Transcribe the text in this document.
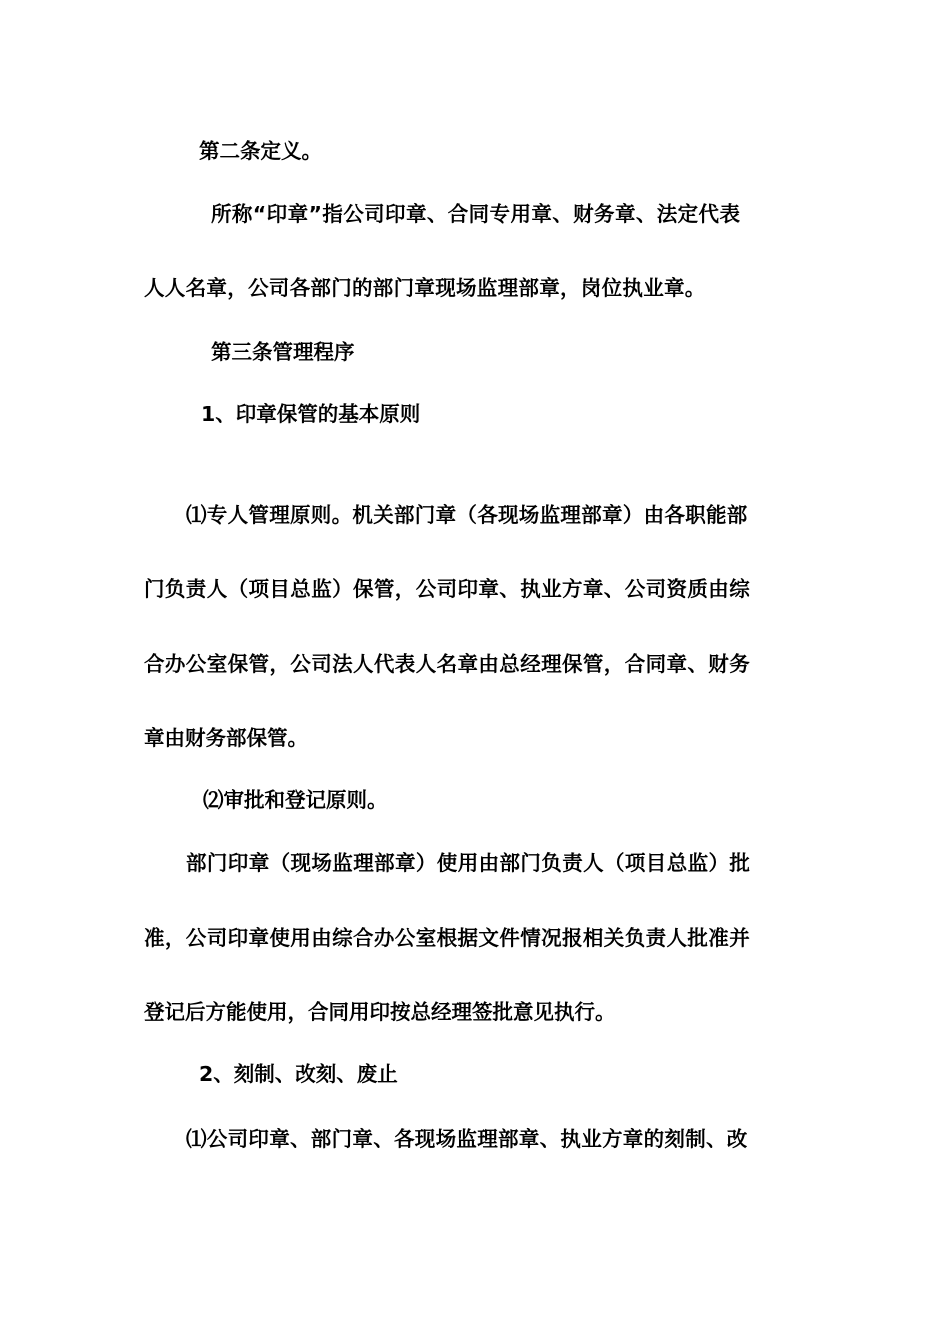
第二条定义。

所称“印章”指公司印章、合同专用章、财务章、法定代表

人人名章，公司各部门的部门章现场监理部章，岗位执业章。

第三条管理程序

1、印章保管的基本原则

⑴专人管理原则。机关部门章（各现场监理部章）由各职能部

门负责人（项目总监）保管，公司印章、执业方章、公司资质由综

合办公室保管，公司法人代表人名章由总经理保管，合同章、财务

章由财务部保管。

⑵审批和登记原则。

部门印章（现场监理部章）使用由部门负责人（项目总监）批

准，公司印章使用由综合办公室根据文件情况报相关负责人批准并

登记后方能使用，合同用印按总经理签批意见执行。

2、刻制、改刻、废止

⑴公司印章、部门章、各现场监理部章、执业方章的刻制、改
